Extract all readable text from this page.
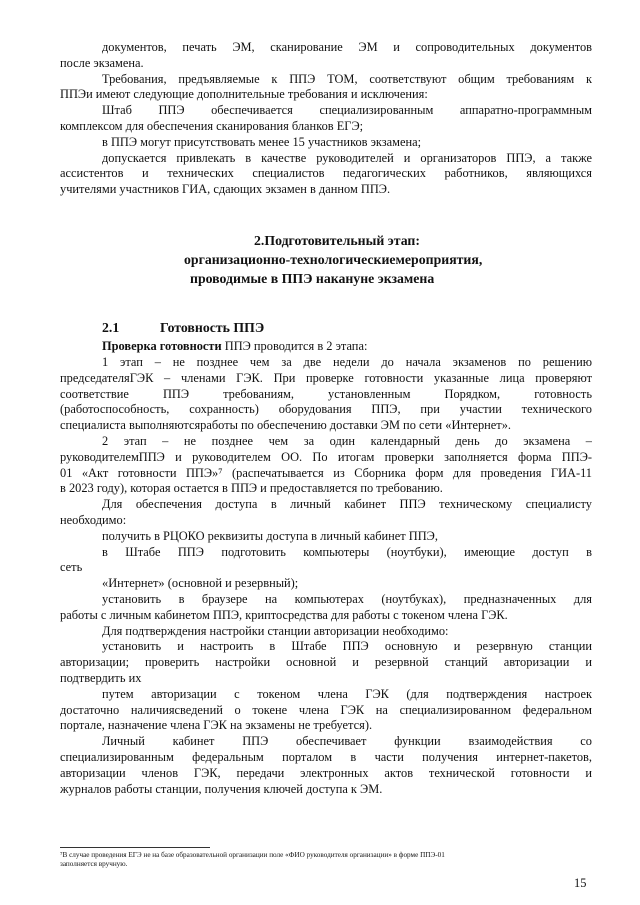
документов, печать ЭМ, сканирование ЭМ и сопроводительных документов
после экзамена.
Требования, предъявляемые к ППЭ ТОМ, соответствуют общим требованиям к
ППЭи имеют следующие дополнительные требования и исключения:
Штаб ППЭ обеспечивается специализированным аппаратно-программным
комплексом для обеспечения сканирования бланков ЕГЭ;
в ППЭ могут присутствовать менее 15 участников экзамена;
допускается привлекать в качестве руководителей и организаторов ППЭ, а также
ассистентов и технических специалистов педагогических работников, являющихся
учителями участников ГИА, сдающих экзамен в данном ППЭ.
2.Подготовительный этап:
организационно-технологическиемероприятия,
проводимые в ППЭ накануне экзамена
2.1	Готовность ППЭ
Проверка готовности ППЭ проводится в 2 этапа:
1 этап – не позднее чем за две недели до начала экзаменов по решению
председателяГЭК – членами ГЭК. При проверке готовности указанные лица проверяют
соответствие ППЭ требованиям, установленным Порядком, готовность
(работоспособность, сохранность) оборудования ППЭ, при участии технического
специалиста выполняютсяработы по обеспечению доставки ЭМ по сети «Интернет».
2 этап – не позднее чем за один календарный день до экзамена –
руководителемППЭ и руководителем ОО. По итогам проверки заполняется форма ППЭ-
01 «Акт готовности ППЭ»⁷ (распечатывается из Сборника форм для проведения ГИА-11
в 2023 году), которая остается в ППЭ и предоставляется по требованию.
Для обеспечения доступа в личный кабинет ППЭ техническому специалисту
необходимо:
получить в РЦОКО реквизиты доступа в личный кабинет ППЭ,
в Штабе ППЭ подготовить компьютеры (ноутбуки), имеющие доступ в
сеть
«Интернет» (основной и резервный);
установить в браузере на компьютерах (ноутбуках), предназначенных для
работы с личным кабинетом ППЭ, криптосредства для работы с токеном члена ГЭК.
Для подтверждения настройки станции авторизации необходимо:
установить и настроить в Штабе ППЭ основную и резервную станции
авторизации; проверить настройки основной и резервной станций авторизации и
подтвердить их
путем авторизации с токеном члена ГЭК (для подтверждения настроек
достаточно наличиясведений о токене члена ГЭК на специализированном федеральном
портале, назначение члена ГЭК на экзамены не требуется).
Личный кабинет ППЭ обеспечивает функции взаимодействия со
специализированным федеральным порталом в части получения интернет-пакетов,
авторизации членов ГЭК, передачи электронных актов технической готовности и
журналов работы станции, получения ключей доступа к ЭМ.
⁷В случае проведения ЕГЭ не на базе образовательной организации поле «ФИО руководителя организации» в форме ППЭ-01
заполняется вручную.
15
